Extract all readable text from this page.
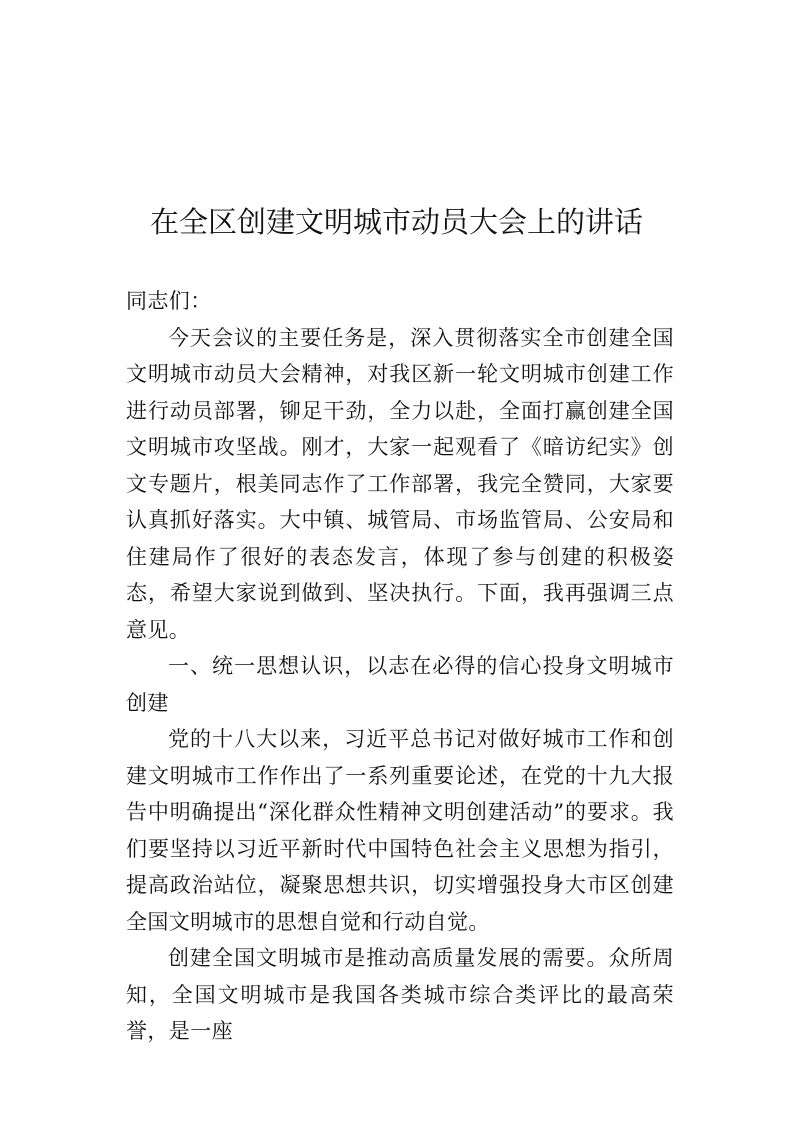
在全区创建文明城市动员大会上的讲话

同志们：

今天会议的主要任务是，深入贯彻落实全市创建全国文明城市动员大会精神，对我区新一轮文明城市创建工作进行动员部署，铆足干劲，全力以赴，全面打赢创建全国文明城市攻坚战。刚才，大家一起观看了《暗访纪实》创文专题片，根美同志作了工作部署，我完全赞同，大家要认真抓好落实。大中镇、城管局、市场监管局、公安局和住建局作了很好的表态发言，体现了参与创建的积极姿态，希望大家说到做到、坚决执行。下面，我再强调三点意见。

一、统一思想认识，以志在必得的信心投身文明城市创建

党的十八大以来，习近平总书记对做好城市工作和创建文明城市工作作出了一系列重要论述，在党的十九大报告中明确提出“深化群众性精神文明创建活动”的要求。我们要坚持以习近平新时代中国特色社会主义思想为指引，提高政治站位，凝聚思想共识，切实增强投身大市区创建全国文明城市的思想自觉和行动自觉。

创建全国文明城市是推动高质量发展的需要。众所周知，全国文明城市是我国各类城市综合类评比的最高荣誉，是一座
